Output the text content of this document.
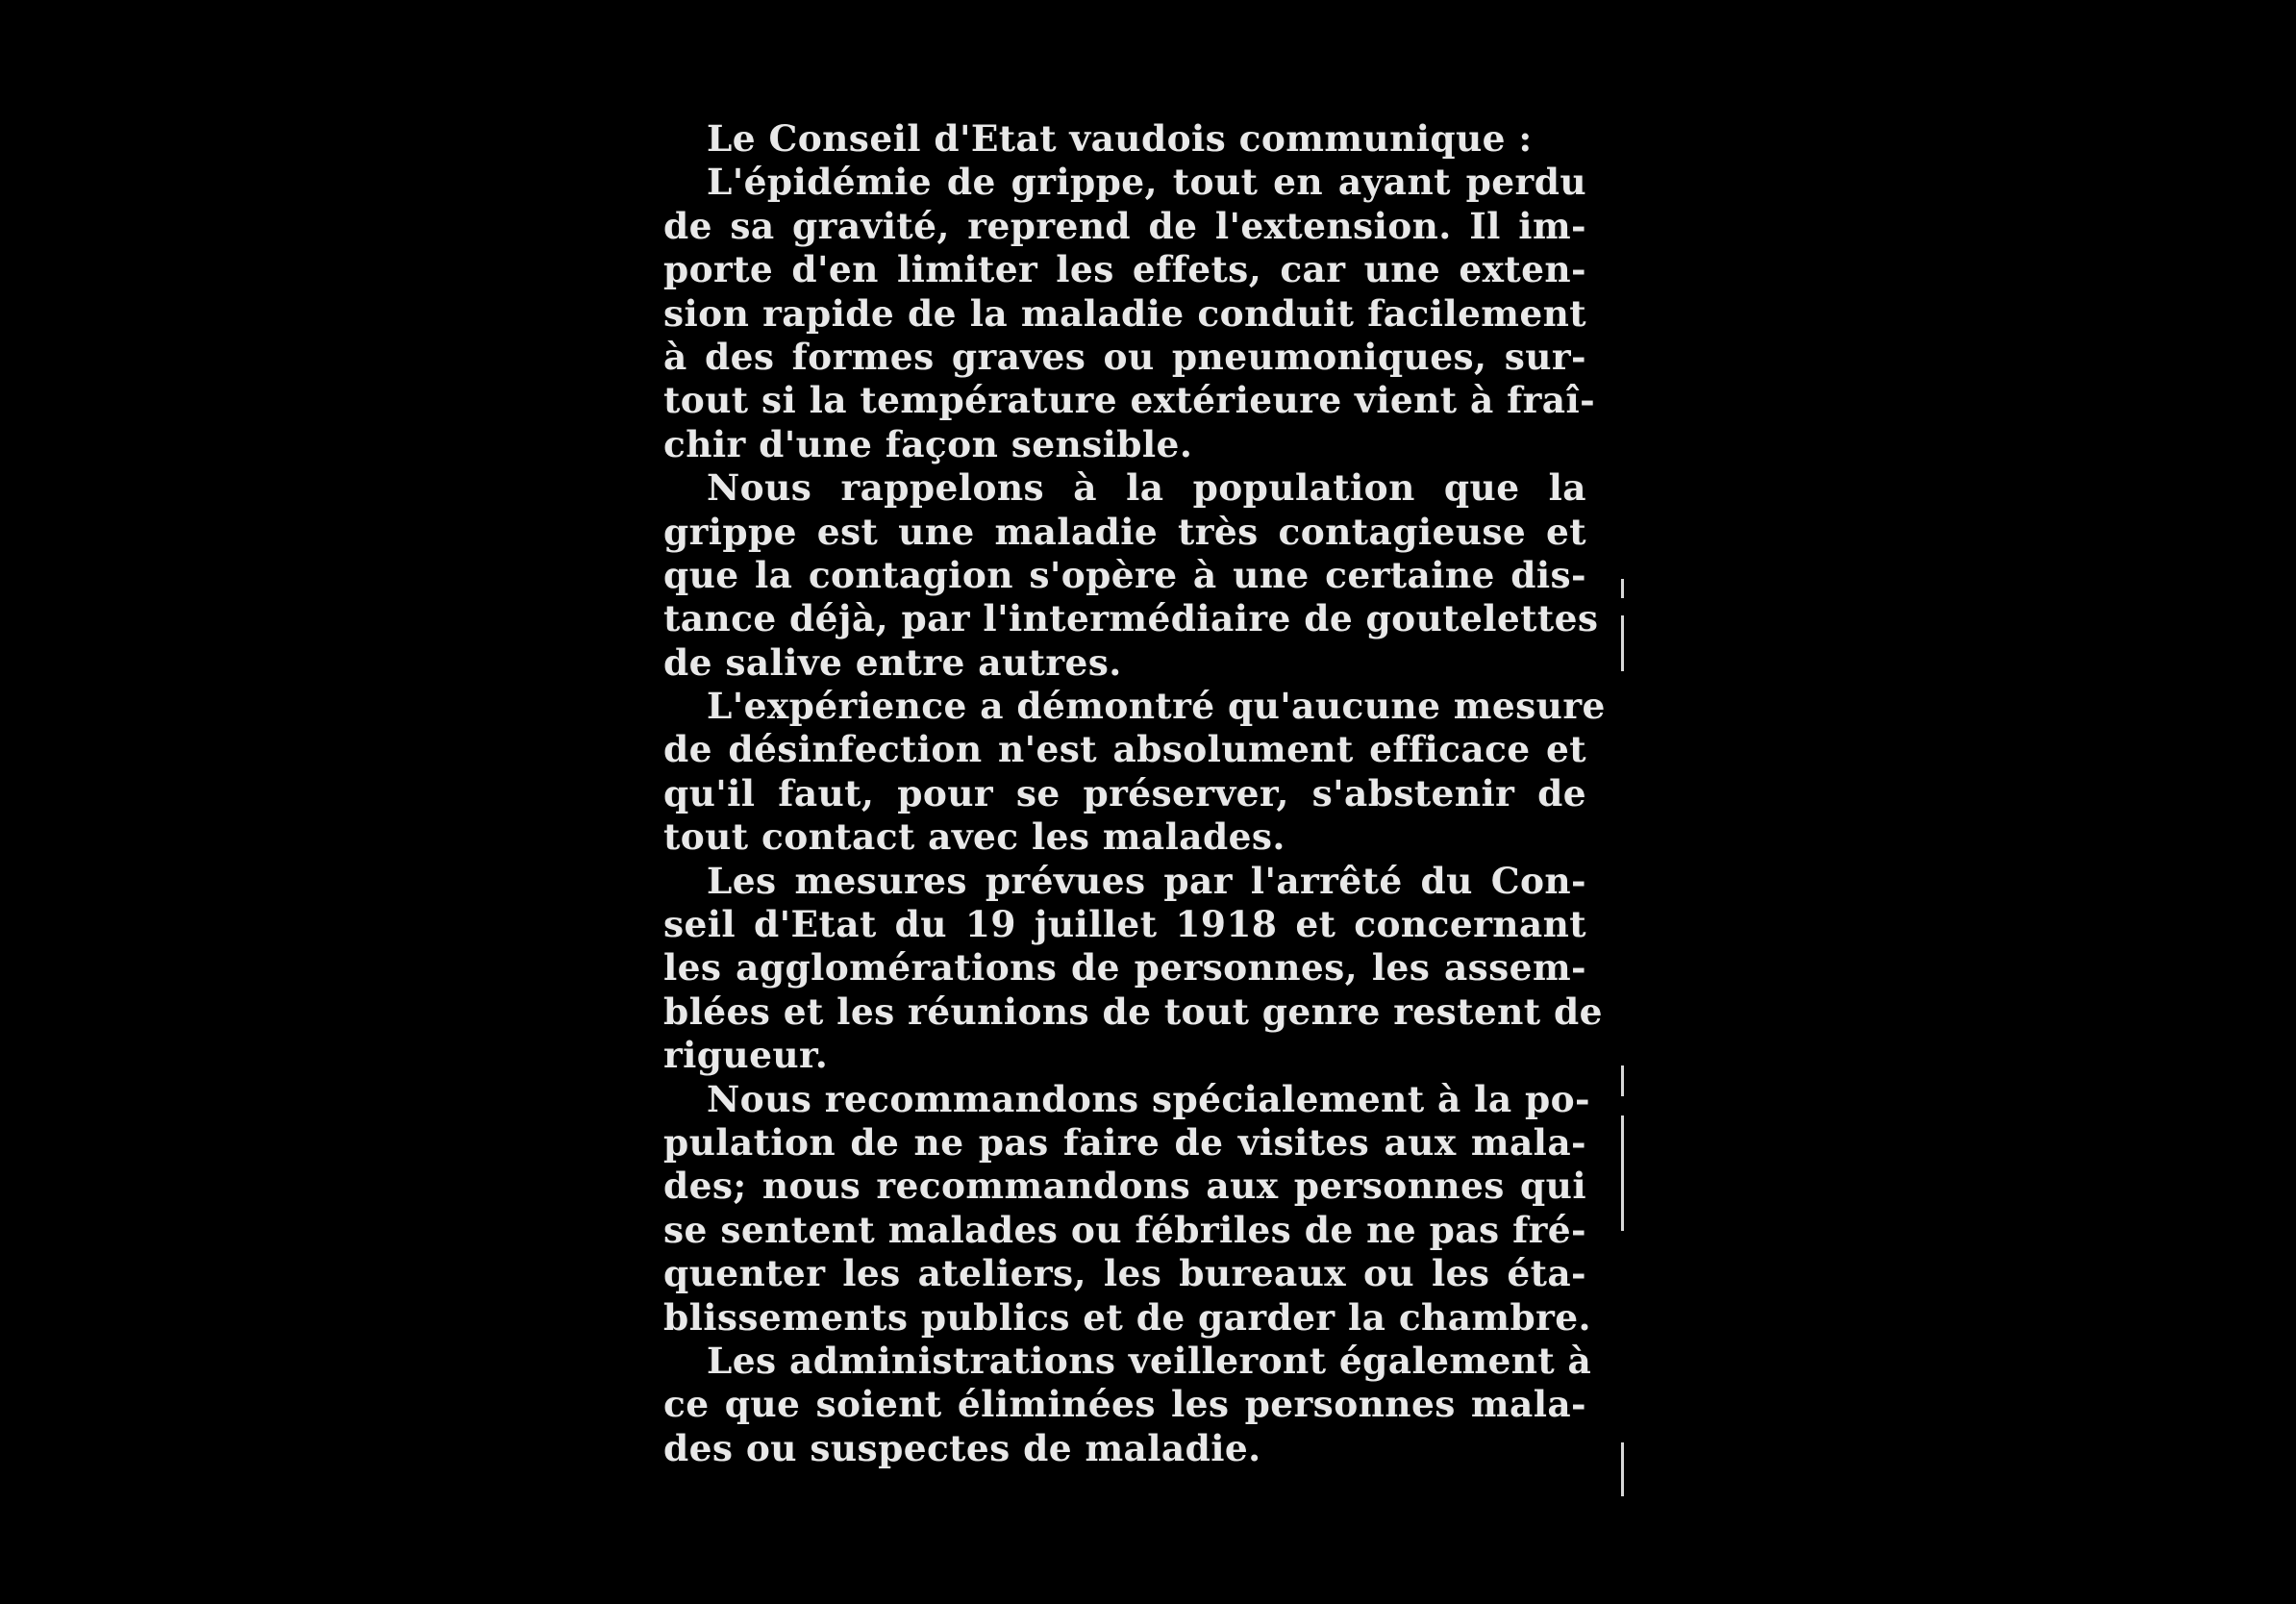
Le Conseil d'Etat vaudois communique :
L'épidémie de grippe, tout en ayant perdu
de sa gravité, reprend de l'extension. Il im-
porte d'en limiter les effets, car une exten-
sion rapide de la maladie conduit facilement
à des formes graves ou pneumoniques, sur-
tout si la température extérieure vient à fraî-
chir d'une façon sensible.
Nous rappelons à la population que la
grippe est une maladie très contagieuse et
que la contagion s'opère à une certaine dis-
tance déjà, par l'intermédiaire de goutelettes
de salive entre autres.
L'expérience a démontré qu'aucune mesure
de désinfection n'est absolument efficace et
qu'il faut, pour se préserver, s'abstenir de
tout contact avec les malades.
Les mesures prévues par l'arrêté du Con-
seil d'Etat du 19 juillet 1918 et concernant
les agglomérations de personnes, les assem-
blées et les réunions de tout genre restent de
rigueur.
Nous recommandons spécialement à la po-
pulation de ne pas faire de visites aux mala-
des; nous recommandons aux personnes qui
se sentent malades ou fébriles de ne pas fré-
quenter les ateliers, les bureaux ou les éta-
blissements publics et de garder la chambre.
Les administrations veilleront également à
ce que soient éliminées les personnes mala-
des ou suspectes de maladie.
